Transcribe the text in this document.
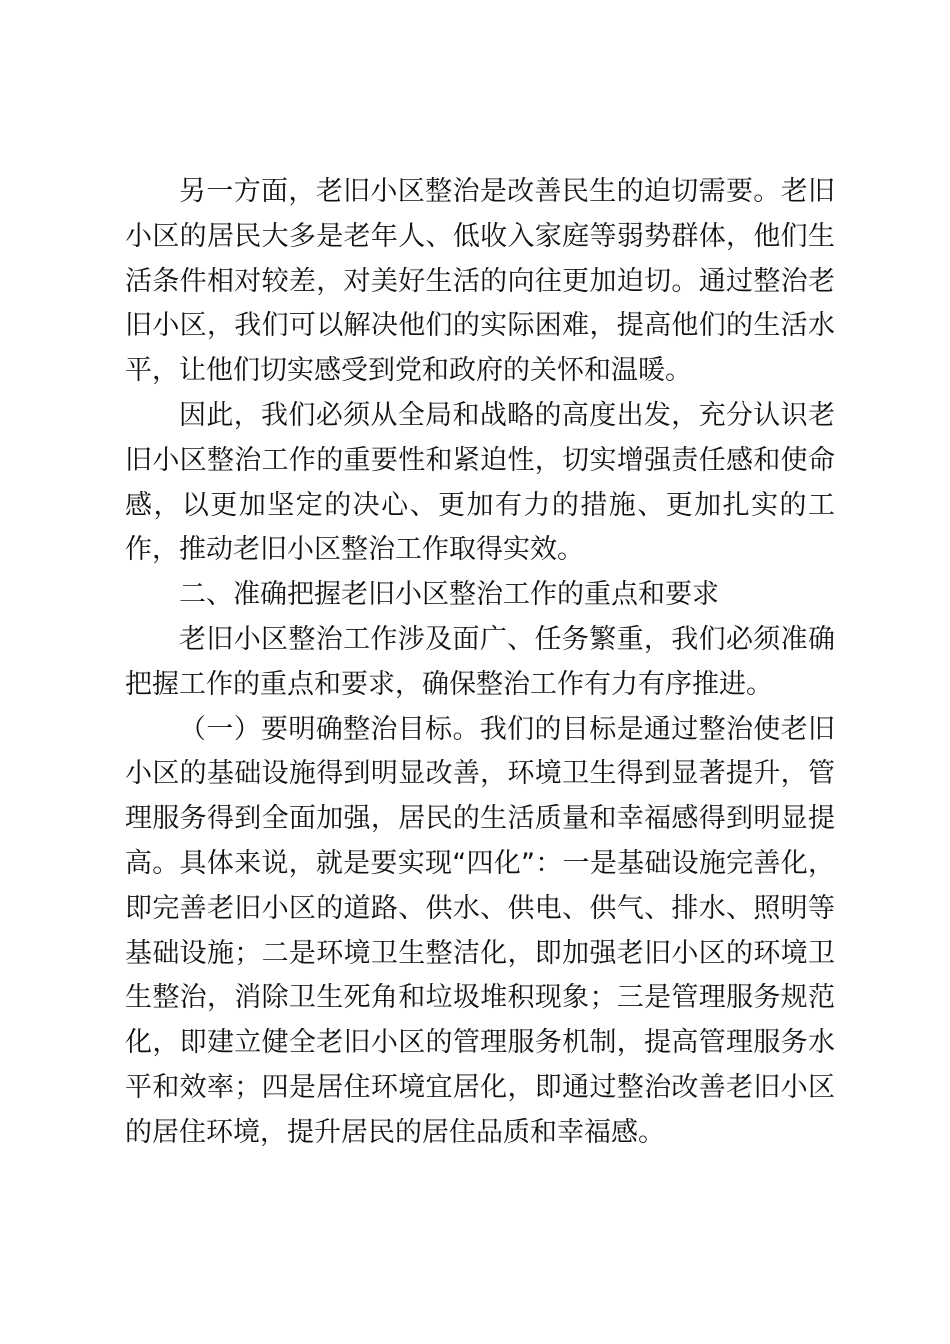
另一方面，老旧小区整治是改善民生的迫切需要。老旧小区的居民大多是老年人、低收入家庭等弱势群体，他们生活条件相对较差，对美好生活的向往更加迫切。通过整治老旧小区，我们可以解决他们的实际困难，提高他们的生活水平，让他们切实感受到党和政府的关怀和温暖。

因此，我们必须从全局和战略的高度出发，充分认识老旧小区整治工作的重要性和紧迫性，切实增强责任感和使命感，以更加坚定的决心、更加有力的措施、更加扎实的工作，推动老旧小区整治工作取得实效。

二、准确把握老旧小区整治工作的重点和要求

老旧小区整治工作涉及面广、任务繁重，我们必须准确把握工作的重点和要求，确保整治工作有力有序推进。

（一）要明确整治目标。我们的目标是通过整治使老旧小区的基础设施得到明显改善，环境卫生得到显著提升，管理服务得到全面加强，居民的生活质量和幸福感得到明显提高。具体来说，就是要实现“四化”：一是基础设施完善化，即完善老旧小区的道路、供水、供电、供气、排水、照明等基础设施；二是环境卫生整洁化，即加强老旧小区的环境卫生整治，消除卫生死角和垃圾堆积现象；三是管理服务规范化，即建立健全老旧小区的管理服务机制，提高管理服务水平和效率；四是居住环境宜居化，即通过整治改善老旧小区的居住环境，提升居民的居住品质和幸福感。
